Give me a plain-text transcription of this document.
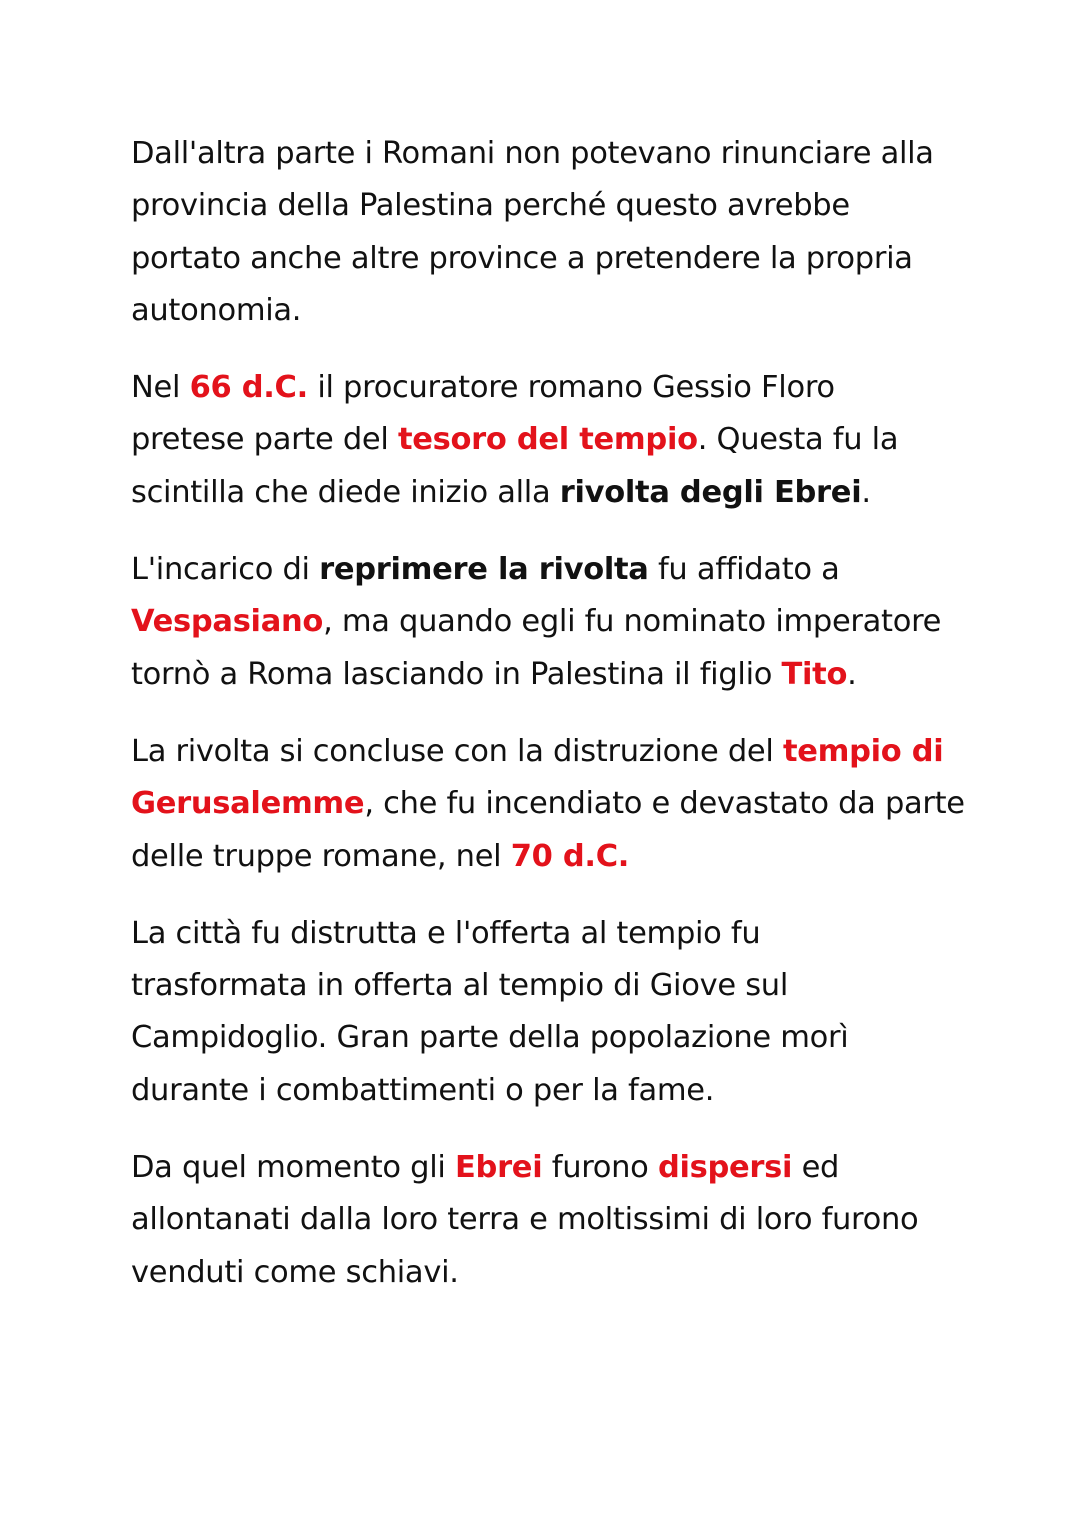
Dall'altra parte i Romani non potevano rinunciare alla
provincia della Palestina perché questo avrebbe
portato anche altre province a pretendere la propria
autonomia.
Nel 66 d.C. il procuratore romano Gessio Floro
pretese parte del tesoro del tempio. Questa fu la
scintilla che diede inizio alla rivolta degli Ebrei.
L'incarico di reprimere la rivolta fu affidato a
Vespasiano, ma quando egli fu nominato imperatore
tornò a Roma lasciando in Palestina il figlio Tito.
La rivolta si concluse con la distruzione del tempio di
Gerusalemme, che fu incendiato e devastato da parte
delle truppe romane, nel 70 d.C.
La città fu distrutta e l'offerta al tempio fu
trasformata in offerta al tempio di Giove sul
Campidoglio. Gran parte della popolazione morì
durante i combattimenti o per la fame.
Da quel momento gli Ebrei furono dispersi ed
allontanati dalla loro terra e moltissimi di loro furono
venduti come schiavi.
